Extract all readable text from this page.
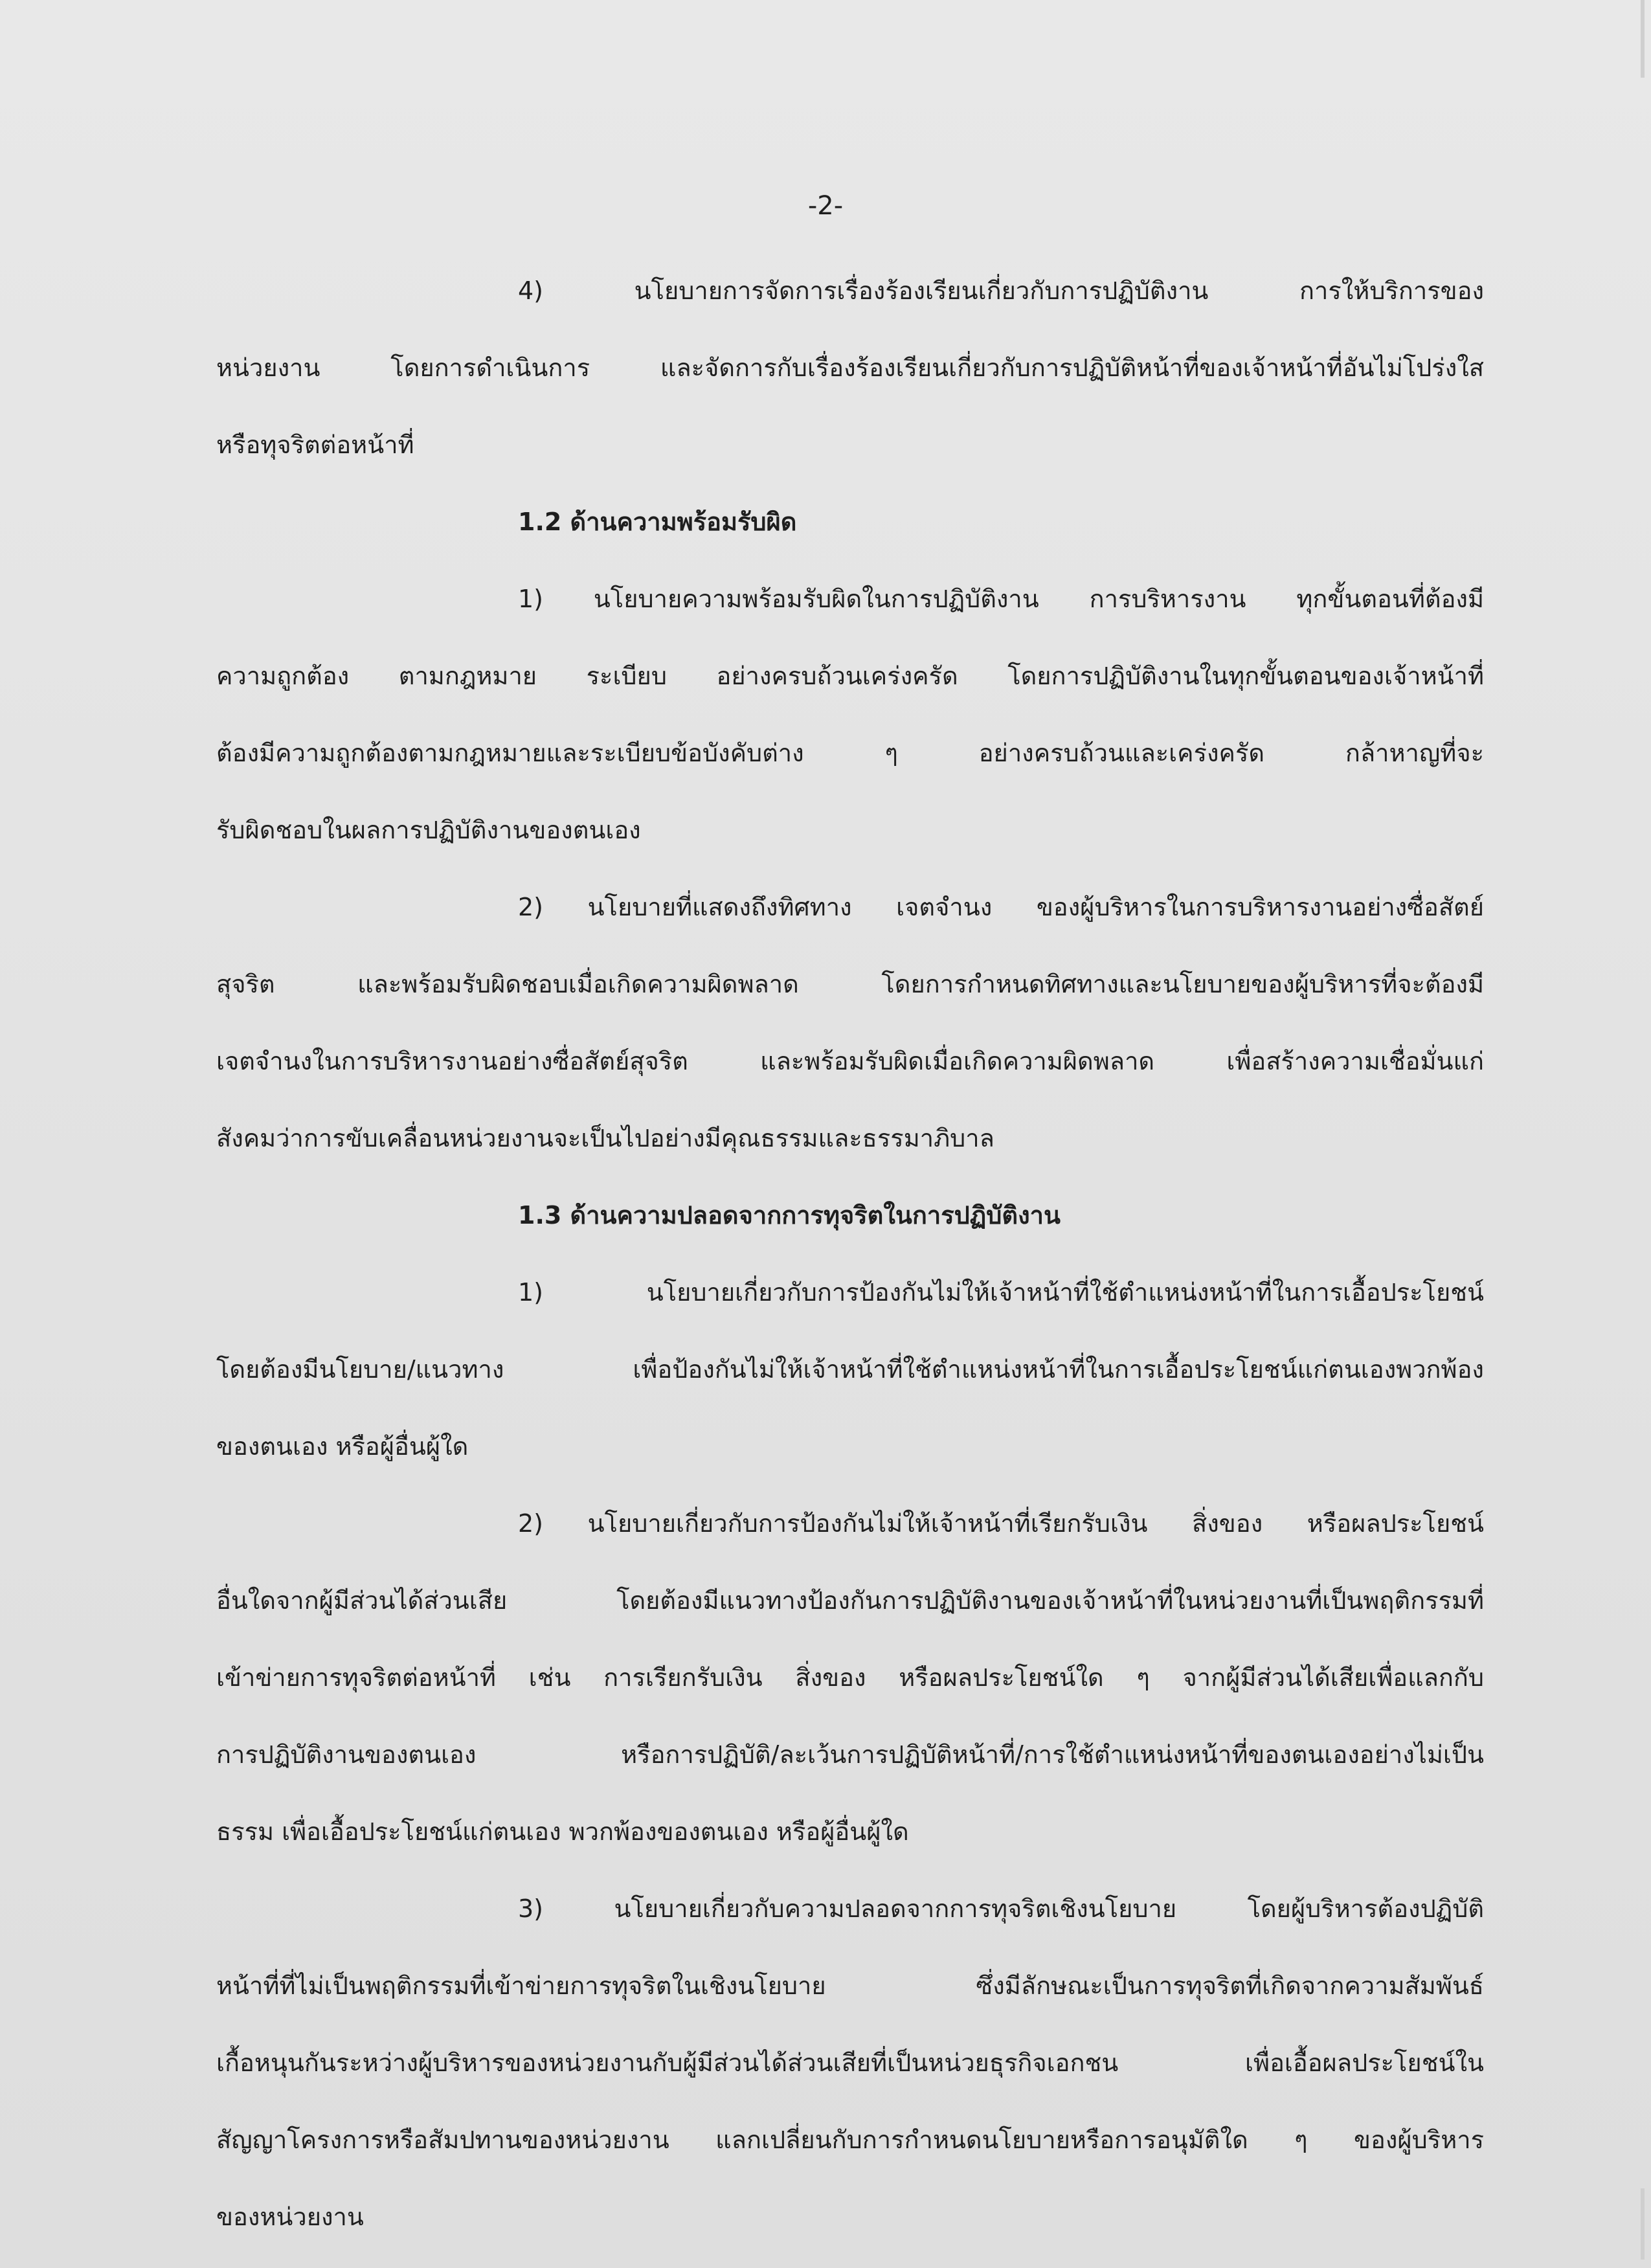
-2-
4) นโยบายการจัดการเรื่องร้องเรียนเกี่ยวกับการปฏิบัติงาน การให้บริการของ
หน่วยงาน โดยการดำเนินการ และจัดการกับเรื่องร้องเรียนเกี่ยวกับการปฏิบัติหน้าที่ของเจ้าหน้าที่อันไม่โปร่งใส
หรือทุจริตต่อหน้าที่
1.2 ด้านความพร้อมรับผิด
1) นโยบายความพร้อมรับผิดในการปฏิบัติงาน การบริหารงาน ทุกขั้นตอนที่ต้องมี
ความถูกต้อง ตามกฎหมาย ระเบียบ อย่างครบถ้วนเคร่งครัด โดยการปฏิบัติงานในทุกขั้นตอนของเจ้าหน้าที่
ต้องมีความถูกต้องตามกฎหมายและระเบียบข้อบังคับต่าง ๆ อย่างครบถ้วนและเคร่งครัด กล้าหาญที่จะ
รับผิดชอบในผลการปฏิบัติงานของตนเอง
2) นโยบายที่แสดงถึงทิศทาง เจตจำนง ของผู้บริหารในการบริหารงานอย่างซื่อสัตย์
สุจริต และพร้อมรับผิดชอบเมื่อเกิดความผิดพลาด โดยการกำหนดทิศทางและนโยบายของผู้บริหารที่จะต้องมี
เจตจำนงในการบริหารงานอย่างซื่อสัตย์สุจริต และพร้อมรับผิดเมื่อเกิดความผิดพลาด เพื่อสร้างความเชื่อมั่นแก่
สังคมว่าการขับเคลื่อนหน่วยงานจะเป็นไปอย่างมีคุณธรรมและธรรมาภิบาล
1.3 ด้านความปลอดจากการทุจริตในการปฏิบัติงาน
1) นโยบายเกี่ยวกับการป้องกันไม่ให้เจ้าหน้าที่ใช้ตำแหน่งหน้าที่ในการเอื้อประโยชน์
โดยต้องมีนโยบาย/แนวทาง เพื่อป้องกันไม่ให้เจ้าหน้าที่ใช้ตำแหน่งหน้าที่ในการเอื้อประโยชน์แก่ตนเองพวกพ้อง
ของตนเอง หรือผู้อื่นผู้ใด
2) นโยบายเกี่ยวกับการป้องกันไม่ให้เจ้าหน้าที่เรียกรับเงิน สิ่งของ หรือผลประโยชน์
อื่นใดจากผู้มีส่วนได้ส่วนเสีย โดยต้องมีแนวทางป้องกันการปฏิบัติงานของเจ้าหน้าที่ในหน่วยงานที่เป็นพฤติกรรมที่
เข้าข่ายการทุจริตต่อหน้าที่ เช่น การเรียกรับเงิน สิ่งของ หรือผลประโยชน์ใด ๆ จากผู้มีส่วนได้เสียเพื่อแลกกับ
การปฏิบัติงานของตนเอง หรือการปฏิบัติ/ละเว้นการปฏิบัติหน้าที่/การใช้ตำแหน่งหน้าที่ของตนเองอย่างไม่เป็น
ธรรม เพื่อเอื้อประโยชน์แก่ตนเอง พวกพ้องของตนเอง หรือผู้อื่นผู้ใด
3) นโยบายเกี่ยวกับความปลอดจากการทุจริตเชิงนโยบาย โดยผู้บริหารต้องปฏิบัติ
หน้าที่ที่ไม่เป็นพฤติกรรมที่เข้าข่ายการทุจริตในเชิงนโยบาย ซึ่งมีลักษณะเป็นการทุจริตที่เกิดจากความสัมพันธ์
เกื้อหนุนกันระหว่างผู้บริหารของหน่วยงานกับผู้มีส่วนได้ส่วนเสียที่เป็นหน่วยธุรกิจเอกชน เพื่อเอื้อผลประโยชน์ใน
สัญญาโครงการหรือสัมปทานของหน่วยงาน แลกเปลี่ยนกับการกำหนดนโยบายหรือการอนุมัติใด ๆ ของผู้บริหาร
ของหน่วยงาน
